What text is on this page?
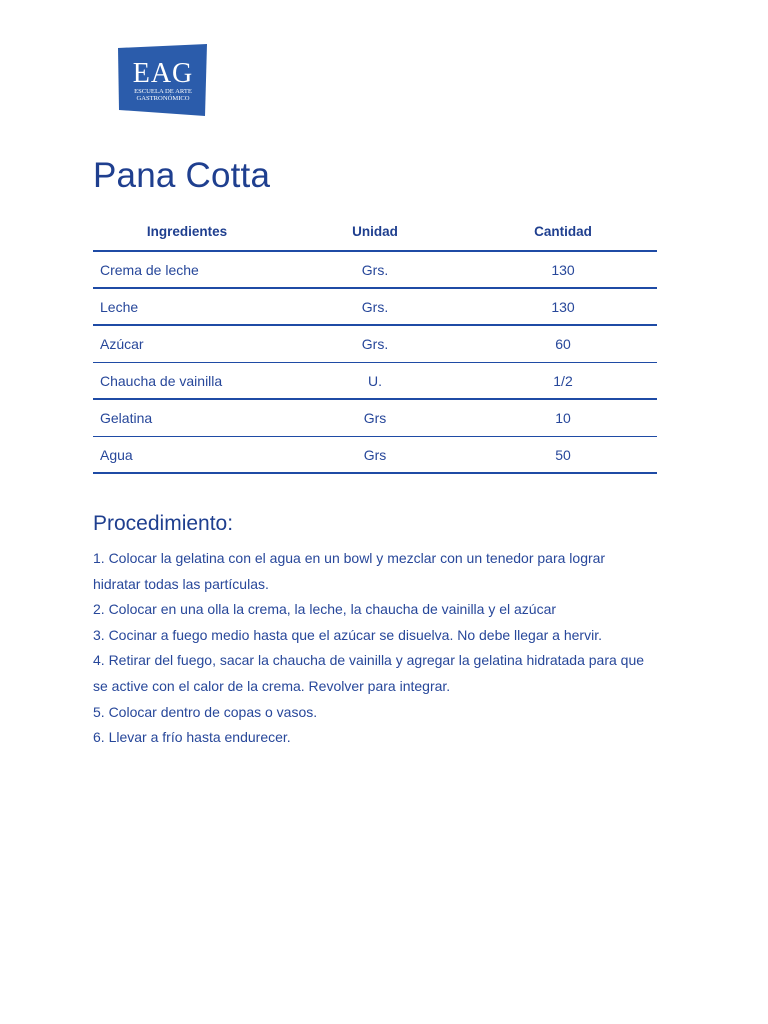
EAG
ESCUELA DE ARTE
GASTRONÓMICO
Pana Cotta
Ingredientes	Unidad	Cantidad
Crema de leche	Grs.	130
Leche	Grs.	130
Azúcar	Grs.	60
Chaucha de vainilla	U.	1/2
Gelatina	Grs	10
Agua	Grs	50
Procedimiento:
1. Colocar la gelatina con el agua en un bowl y mezclar con un tenedor para lograr hidratar todas las partículas.
2. Colocar en una olla la crema, la leche, la chaucha de vainilla y el azúcar
3. Cocinar a fuego medio hasta que el azúcar se disuelva. No debe llegar a hervir.
4. Retirar del fuego, sacar la chaucha de vainilla y agregar la gelatina hidratada para que se active con el calor de la crema. Revolver para integrar.
5. Colocar dentro de copas o vasos.
6. Llevar a frío hasta endurecer.
